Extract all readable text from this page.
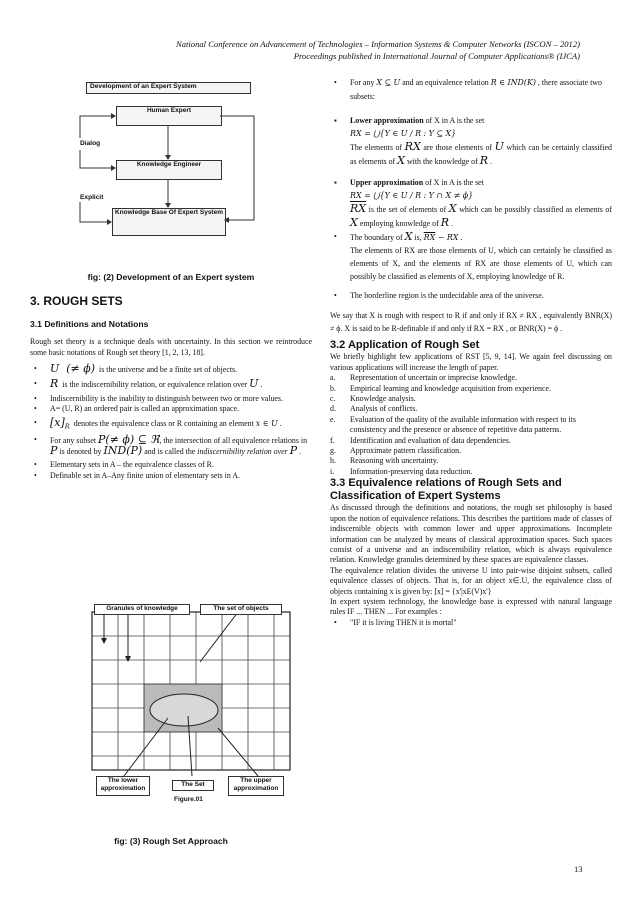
National Conference on Advancement of Technologies – Information Systems & Computer Networks (ISCON – 2012)
Proceedings published in International Journal of Computer Applications® (IJCA)
Development of an Expert System
Human Expert
Dialog
Knowledge Engineer
Explicit
Knowledge Base Of Expert System
fig: (2) Development of an Expert system
3. ROUGH SETS
3.1 Definitions and Notations
Rough set theory is a technique deals with uncertainty. In this section we reintroduce some basic notations of Rough set theory [1, 2, 13, 18].
• U  (≠ ϕ) is the universe and be a finite set of objects.
• R is the indiscernibility relation, or equivalence relation over U .
• Indiscernibility is the inability to distinguish between two or more values.
• A= (U, R) an ordered pair is called an approximation space.
• $[x]_R$ denotes the equivalence class or R containing an element x ∈ U .
• For any subset P(≠ ϕ) ⊆ ℜ, the intersection of all equivalence relations in P is denoted by IND(P) and is called the indiscernibility relation over P .
• Elementary sets in A – the equivalence classes of R.
• Definable set in A–Any finite union of elementary sets in A.
Granules of knowledge	The set of objects
The lower approximation
The Set
The upper approximation
Figure.01
fig: (3) Rough Set Approach
• For any X ⊆ U and an equivalence relation R ∈ IND(K) , there associate two subsets:
▪ Lower approximation of X in A is the set
RX = ⋃{Y ∈ U / R : Y ⊆ X}
The elements of RX are those elements of U which can be certainly classified as elements of X with the knowledge of R .
▪ Upper approximation of X in A is the set
RX = ⋃{Y ∈ U / R : Y ∩ X ≠ ϕ}
$\overline{RX}$ is the set of elements of X which can be possibly classified as elements of X employing knowledge of R .
• The boundary of X is, $\overline{RX}$ − RX .
The elements of RX are those elements of U, which can certainly be classified as elements of X, and the elements of RX are those elements of U, which can possibly be classified as elements of X, employing knowledge of R.
• The borderline region is the undecidable area of the universe.
We say that X is rough with respect to R if and only if RX ≠ RX , equivalently BNR(X) ≠ ϕ. X is said to be R-definable if and only if RX = RX , or BNR(X) = ϕ .
3.2 Application of Rough Set
We briefly highlight few applications of RST [5, 9, 14]. We again feel discussing on various applications will increase the length of paper.
a. Representation of uncertain or imprecise knowledge.
b. Empirical learning and knowledge acquisition from experience.
c. Knowledge analysis.
d. Analysis of conflicts.
e. Evaluation of the quality of the available information with respect to its consistency and the presence or absence of repetitive data patterns.
f. Identification and evaluation of data dependencies.
g. Approximate pattern classification.
h. Reasoning with uncertainty.
i. Information-preserving data reduction.
3.3 Equivalence relations of Rough Sets and Classification of Expert Systems
As discussed through the definitions and notations, the rough set philosophy is based upon the notion of equivalence relations. This describes the partitions made of classes of indiscernible objects with common lower and upper approximations. Incomplete information can be analyzed by means of classical approximation spaces. Such spaces consist of a universe and an indiscernibility relation, which is always equivalence relation. Knowledge granules determined by these spaces are equivalence classes.
The equivalence relation divides the universe U into pair-wise disjoint subsets, called equivalence classes of objects. That is, for an object x∈.U, the equivalence class of objects containing x is given by: [x] = {x'|xE(V)x'}
In expert system technology, the knowledge base is expressed with natural language rules IF ... THEN ... For examples :
• "IF it is living THEN it is mortal"
13
